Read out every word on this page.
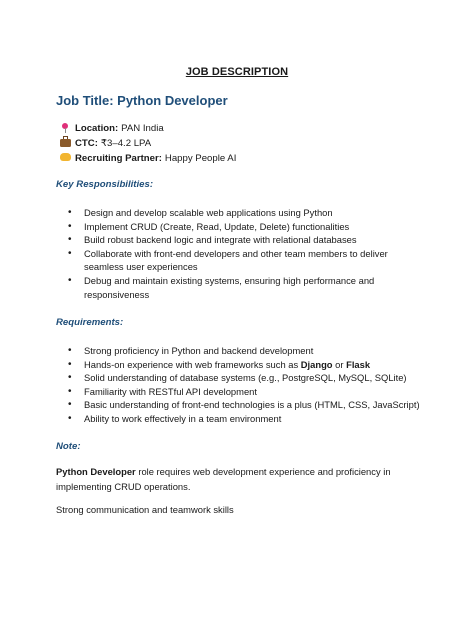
JOB DESCRIPTION
Job Title: Python Developer
Location: PAN India
CTC: ₹3–4.2 LPA
Recruiting Partner: Happy People AI
Key Responsibilities:
• Design and develop scalable web applications using Python
• Implement CRUD (Create, Read, Update, Delete) functionalities
• Build robust backend logic and integrate with relational databases
• Collaborate with front-end developers and other team members to deliver seamless user experiences
• Debug and maintain existing systems, ensuring high performance and responsiveness
Requirements:
• Strong proficiency in Python and backend development
• Hands-on experience with web frameworks such as Django or Flask
• Solid understanding of database systems (e.g., PostgreSQL, MySQL, SQLite)
• Familiarity with RESTful API development
• Basic understanding of front-end technologies is a plus (HTML, CSS, JavaScript)
• Ability to work effectively in a team environment
Note:
Python Developer role requires web development experience and proficiency in implementing CRUD operations.
Strong communication and teamwork skills
